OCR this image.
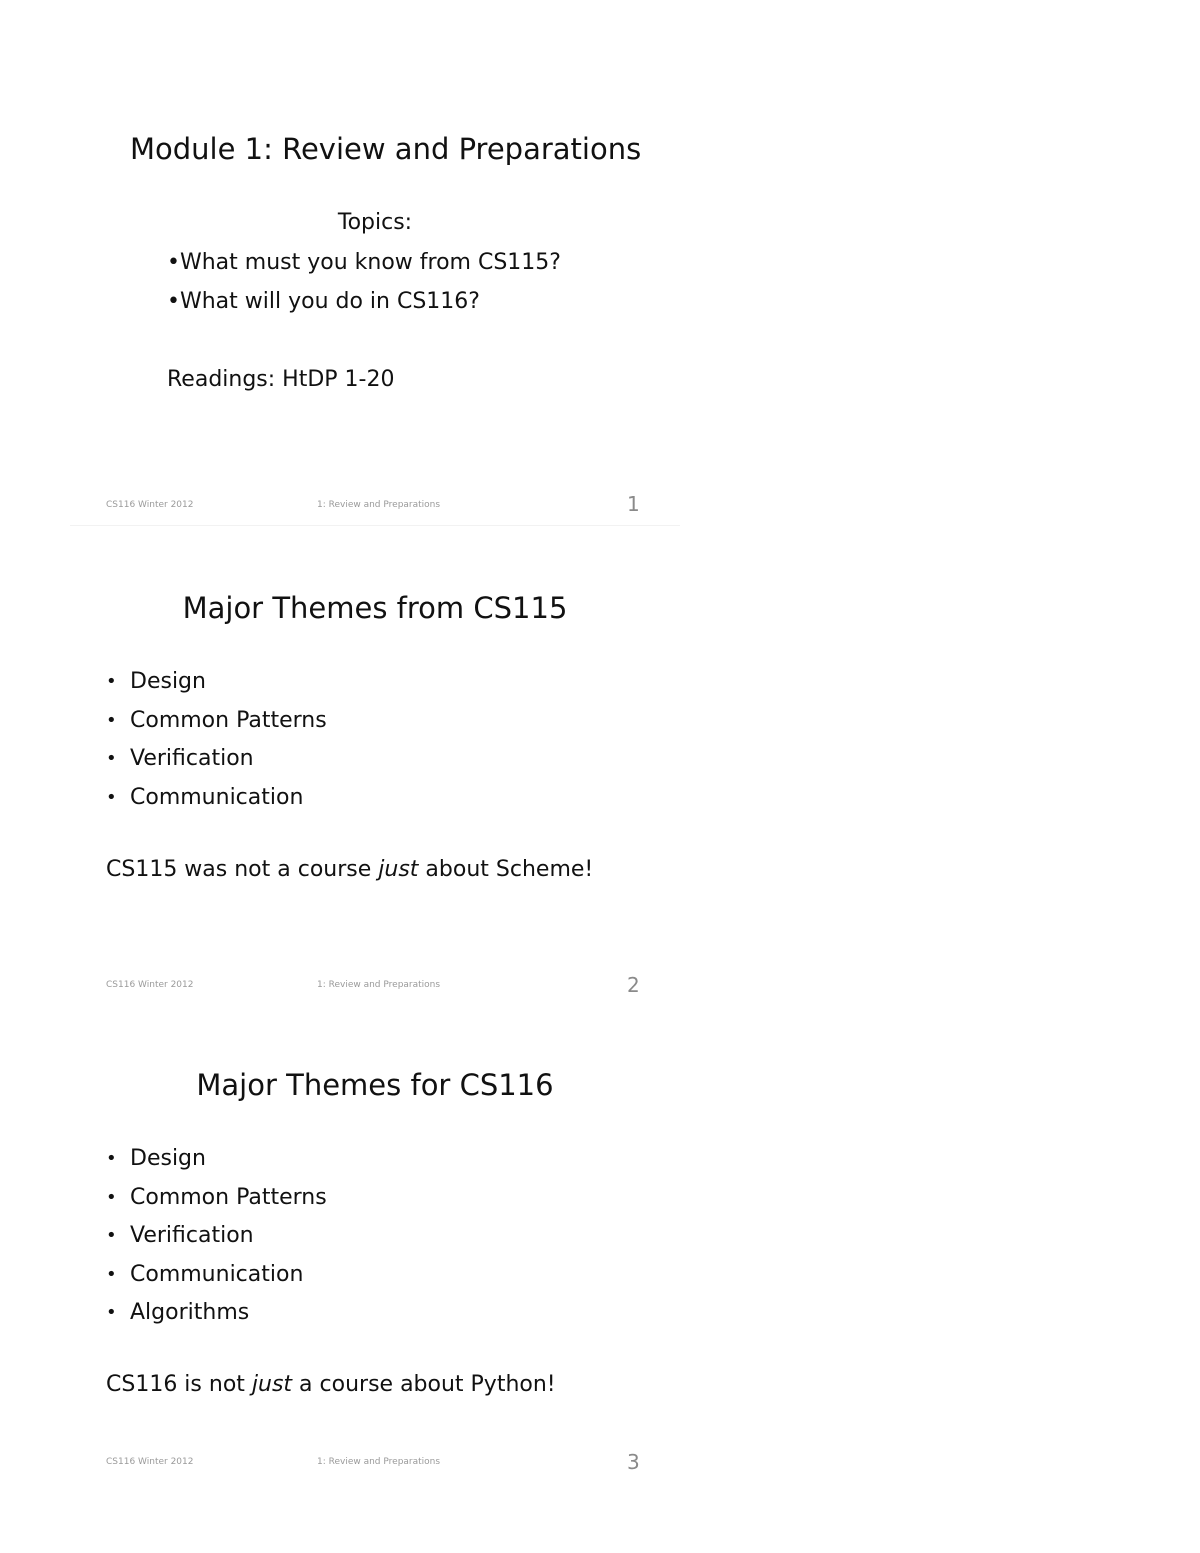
Module 1: Review and Preparations
Topics:
•What must you know from CS115?
•What will you do in CS116?
Readings: HtDP 1-20
CS116 Winter 2012	1: Review and Preparations	1
Major Themes from CS115
• Design
• Common Patterns
• Verification
• Communication
CS115 was not a course just about Scheme!
CS116 Winter 2012	1: Review and Preparations	2
Major Themes for CS116
• Design
• Common Patterns
• Verification
• Communication
• Algorithms
CS116 is not just a course about Python!
CS116 Winter 2012	1: Review and Preparations	3
